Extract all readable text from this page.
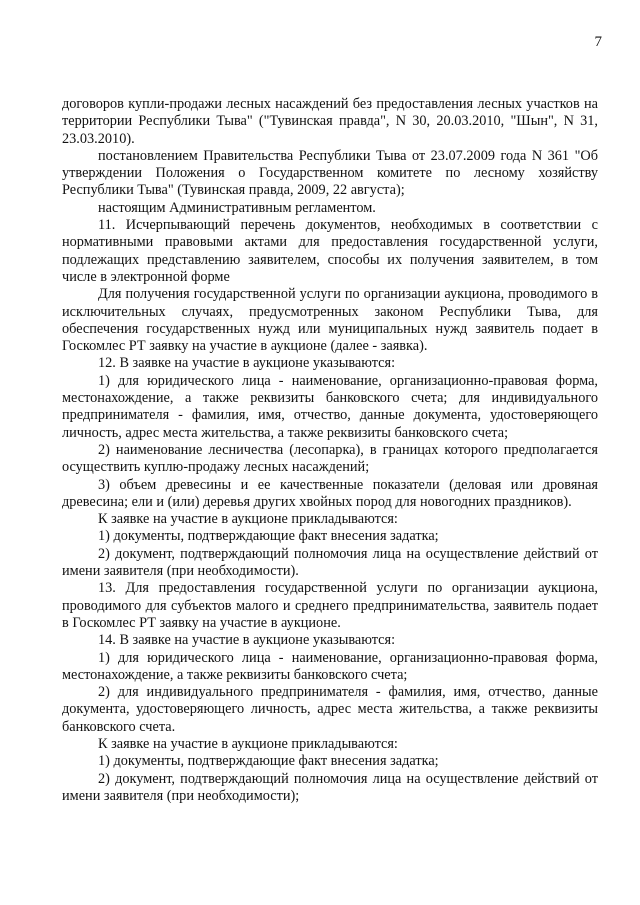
7

договоров купли-продажи лесных насаждений без предоставления лесных участков на территории Республики Тыва" ("Тувинская правда", N 30, 20.03.2010, "Шын", N 31, 23.03.2010).

постановлением Правительства Республики Тыва от 23.07.2009 года N 361 "Об утверждении Положения о Государственном комитете по лесному хозяйству Республики Тыва" (Тувинская правда, 2009, 22 августа);

настоящим Административным регламентом.

11. Исчерпывающий перечень документов, необходимых в соответствии с нормативными правовыми актами для предоставления государственной услуги, подлежащих представлению заявителем, способы их получения заявителем, в том числе в электронной форме

Для получения государственной услуги по организации аукциона, проводимого в исключительных случаях, предусмотренных законом Республики Тыва, для обеспечения государственных нужд или муниципальных нужд заявитель подает в Госкомлес РТ заявку на участие в аукционе (далее - заявка).

12. В заявке на участие в аукционе указываются:

1) для юридического лица - наименование, организационно-правовая форма, местонахождение, а также реквизиты банковского счета; для индивидуального предпринимателя - фамилия, имя, отчество, данные документа, удостоверяющего личность, адрес места жительства, а также реквизиты банковского счета;

2) наименование лесничества (лесопарка), в границах которого предполагается осуществить куплю-продажу лесных насаждений;

3) объем древесины и ее качественные показатели (деловая или дровяная древесина; ели и (или) деревья других хвойных пород для новогодних праздников).

К заявке на участие в аукционе прикладываются:

1) документы, подтверждающие факт внесения задатка;

2) документ, подтверждающий полномочия лица на осуществление действий от имени заявителя (при необходимости).

13. Для предоставления государственной услуги по организации аукциона, проводимого для субъектов малого и среднего предпринимательства, заявитель подает в Госкомлес РТ заявку на участие в аукционе.

14. В заявке на участие в аукционе указываются:

1) для юридического лица - наименование, организационно-правовая форма, местонахождение, а также реквизиты банковского счета;

2) для индивидуального предпринимателя - фамилия, имя, отчество, данные документа, удостоверяющего личность, адрес места жительства, а также реквизиты банковского счета.

К заявке на участие в аукционе прикладываются:

1) документы, подтверждающие факт внесения задатка;

2) документ, подтверждающий полномочия лица на осуществление действий от имени заявителя (при необходимости);
